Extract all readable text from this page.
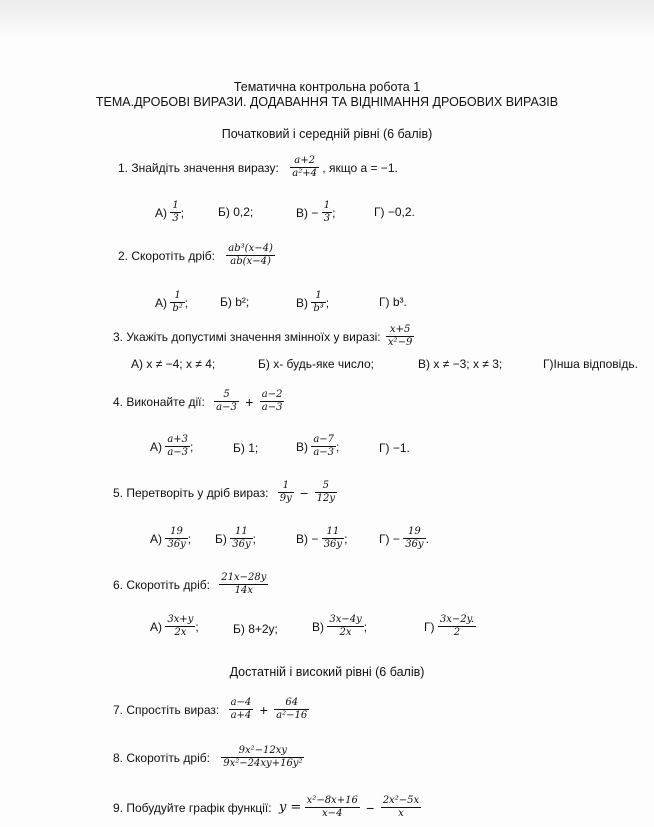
Тематична контрольна робота 1
ТЕМА.ДРОБОВІ ВИРАЗИ. ДОДАВАННЯ ТА ВІДНІМАННЯ ДРОБОВИХ ВИРАЗІВ
Початковий і середній рівні (6 балів)
1. Знайдіть значення виразу: $\frac{a+2}{\text{a²+4}}$ , якщо a = −1.
$А) \frac{1}{3}$ ;	Б) 0,2;	$В) - \frac{1}{3}$ ;	Г) −0,2.
2. Скоротіть дріб: $\frac{\text{ab³(x−4)}}{ab(x-4)}$
$А) \frac{1}{\text{b²}}$ ;	Б) b²;	$В) \frac{1}{\text{b³}}$ ;	Г) b³.
3. Укажіть допустимі значення змінноїx у виразі: $\frac{x+5}{\text{x²−9}}$
А) x ≠ −4; x ≠ 4;	Б) x- будь-яке число;	В) x ≠ −3; x ≠ 3;	Г)Інша відповідь.
4. Виконайте дії: $\frac{5}{a-3} + \frac{a-2}{a-3}$
$А) \frac{a+3}{a-3}$ ;	Б) 1;	$В) \frac{a-7}{a-3}$ ;	Г) −1.
5. Перетворіть у дріб вираз: $\frac{1}{9y} - \frac{5}{12y}$
$А) \frac{19}{36y}$ ; $Б) \frac{11}{36y}$ ;	$В) - \frac{11}{36y}$ ;	$Г) - \frac{19}{36y}$ .
6. Скоротіть дріб: $\frac{21x-28y}{14x}$
$А) \frac{3x+y}{2x}$ ;	Б) 8+2y;	$В) \frac{3x-4y}{2x}$ ;	$Г) \frac{3x-2y.}{2}$
Достатній і високий рівні (6 балів)
7. Спростіть вираз: $\frac{a-4}{a+4} + \frac{64}{\text{a²−16}}$
8. Скоротіть дріб: $\frac{\text{9x²−12xy}}{\text{9x²−24xy+16y²}}$
9. Побудуйте графік функції: $y = \frac{\text{x²−8x+16}}{x-4} - \frac{\text{2x²−5x}}{x}$
